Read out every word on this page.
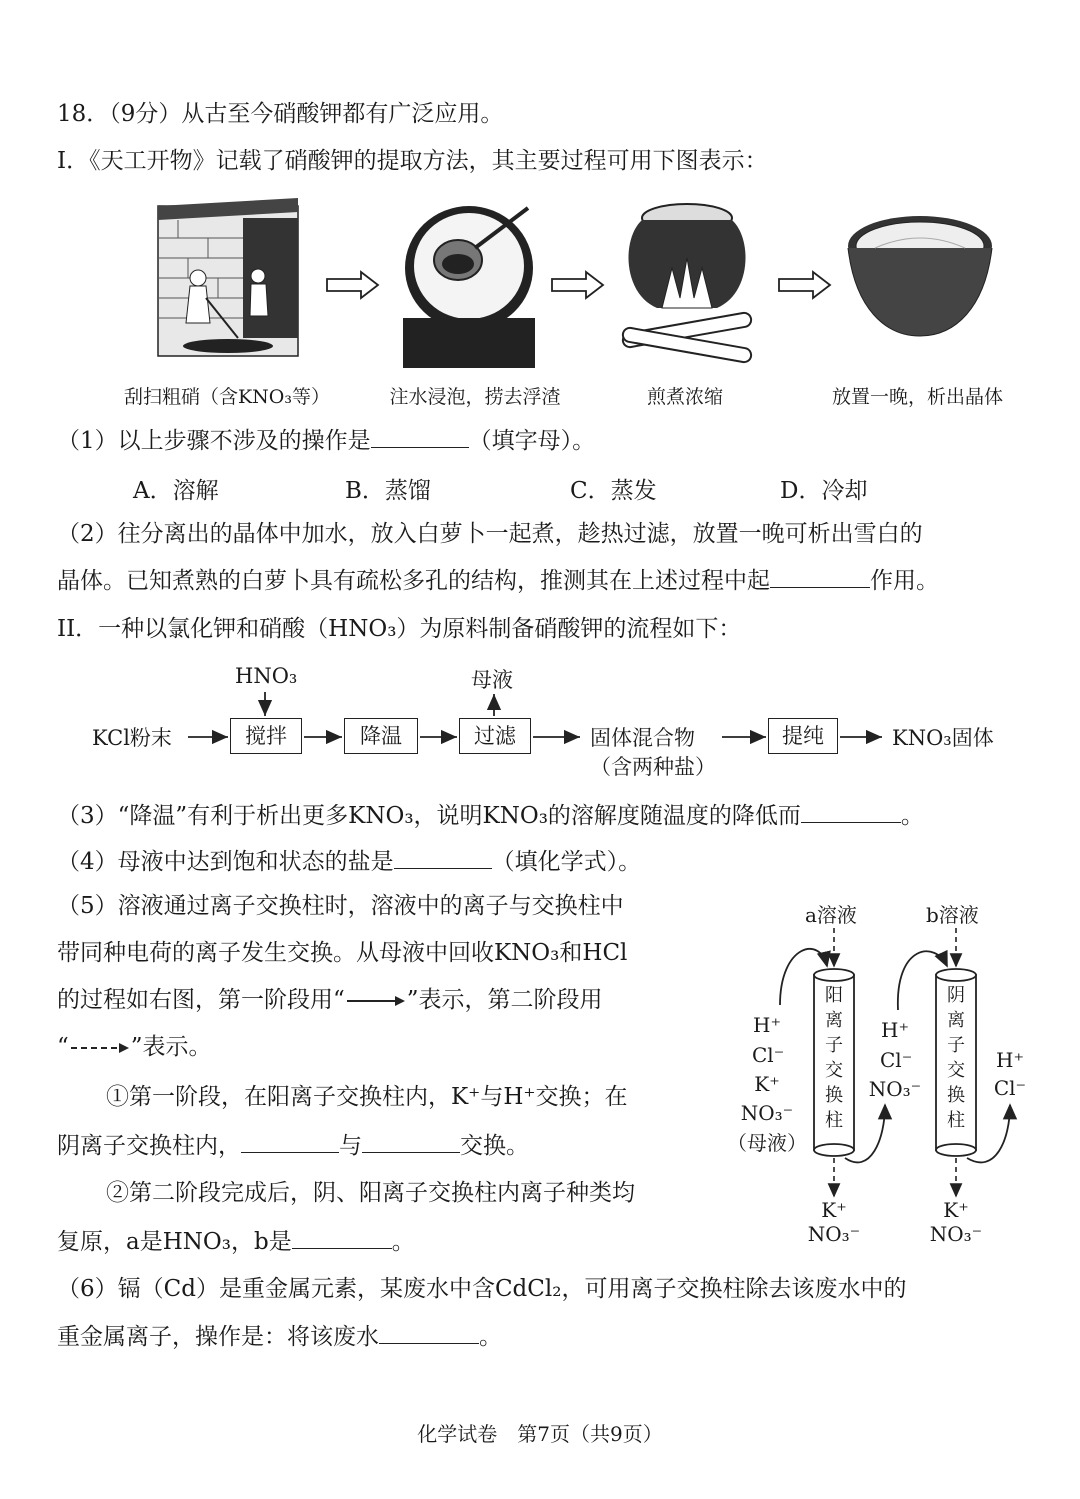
18．（9分）从古至今硝酸钾都有广泛应用。
I．《天工开物》记载了硝酸钾的提取方法，其主要过程可用下图表示：
刮扫粗硝（含KNO₃等）	注水浸泡，捞去浮渣	煎煮浓缩	放置一晚，析出晶体
（1）以上步骤不涉及的操作是	（填字母）。
A．溶解	B．蒸馏	C．蒸发	D．冷却
（2）往分离出的晶体中加水，放入白萝卜一起煮，趁热过滤，放置一晚可析出雪白的
晶体。已知煮熟的白萝卜具有疏松多孔的结构，推测其在上述过程中起	作用。
II．一种以氯化钾和硝酸（HNO₃）为原料制备硝酸钾的流程如下：
HNO₃	母液
KCl粉末	搅拌	降温	过滤	固体混合物
（含两种盐）
提纯	KNO₃固体
（3）“降温”有利于析出更多KNO₃，说明KNO₃的溶解度随温度的降低而	。
（4）母液中达到饱和状态的盐是	（填化学式）。
（5）溶液通过离子交换柱时，溶液中的离子与交换柱中
带同种电荷的离子发生交换。从母液中回收KNO₃和HCl
的过程如右图，第一阶段用“	”表示，第二阶段用
“	”表示。
①第一阶段，在阳离子交换柱内，K⁺与H⁺交换；在
阴离子交换柱内，	与	交换。
②第二阶段完成后，阴、阳离子交换柱内离子种类均
复原，a是HNO₃，b是	。
a溶液	b溶液
阳
离
子
交
换
柱
阴
离
子
交
换
柱
H⁺
Cl⁻
K⁺
NO₃⁻
（母液）
H⁺
Cl⁻
NO₃⁻
H⁺
Cl⁻
K⁺
NO₃⁻
K⁺
NO₃⁻
（6）镉（Cd）是重金属元素，某废水中含CdCl₂，可用离子交换柱除去该废水中的
重金属离子，操作是：将该废水	。
化学试卷　第7页（共9页）
